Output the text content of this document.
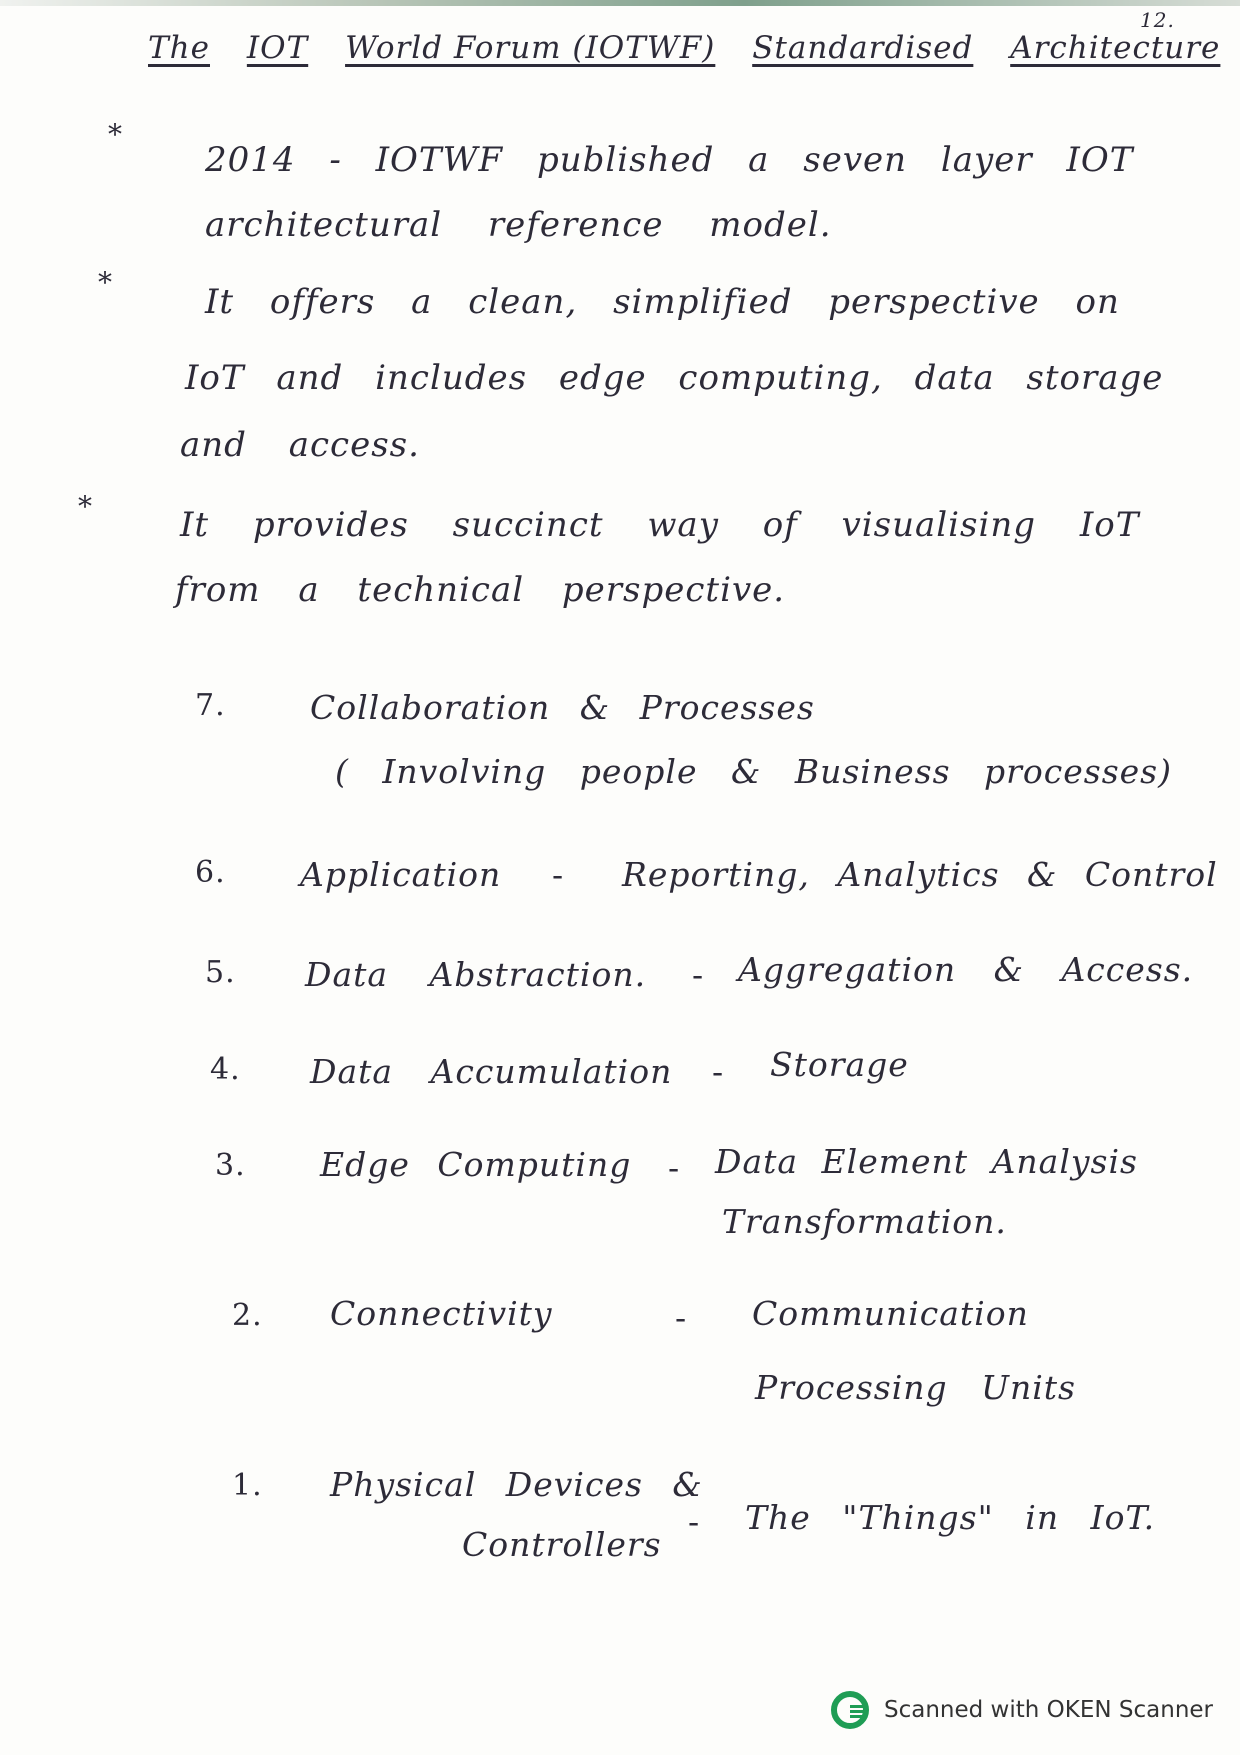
12.
The IOT World Forum (IOTWF) Standardised Architecture
*
*
*
2014 - IOTWF published a seven layer IOT
architectural reference model.
It offers a clean, simplified perspective on
IoT and includes edge computing, data storage
and access.
It provides succinct way of visualising IoT
from a technical perspective.
7.	Collaboration & Processes
( Involving people & Business processes)
6. Application - Reporting, Analytics & Control
5. Data Abstraction. - Aggregation & Access.
4. Data Accumulation - Storage
3. Edge Computing - Data Element Analysis
Transformation.
2. Connectivity	- Communication
Processing Units
1. Physical Devices &
Controllers
- The "Things" in IoT.
Scanned with OKEN Scanner
